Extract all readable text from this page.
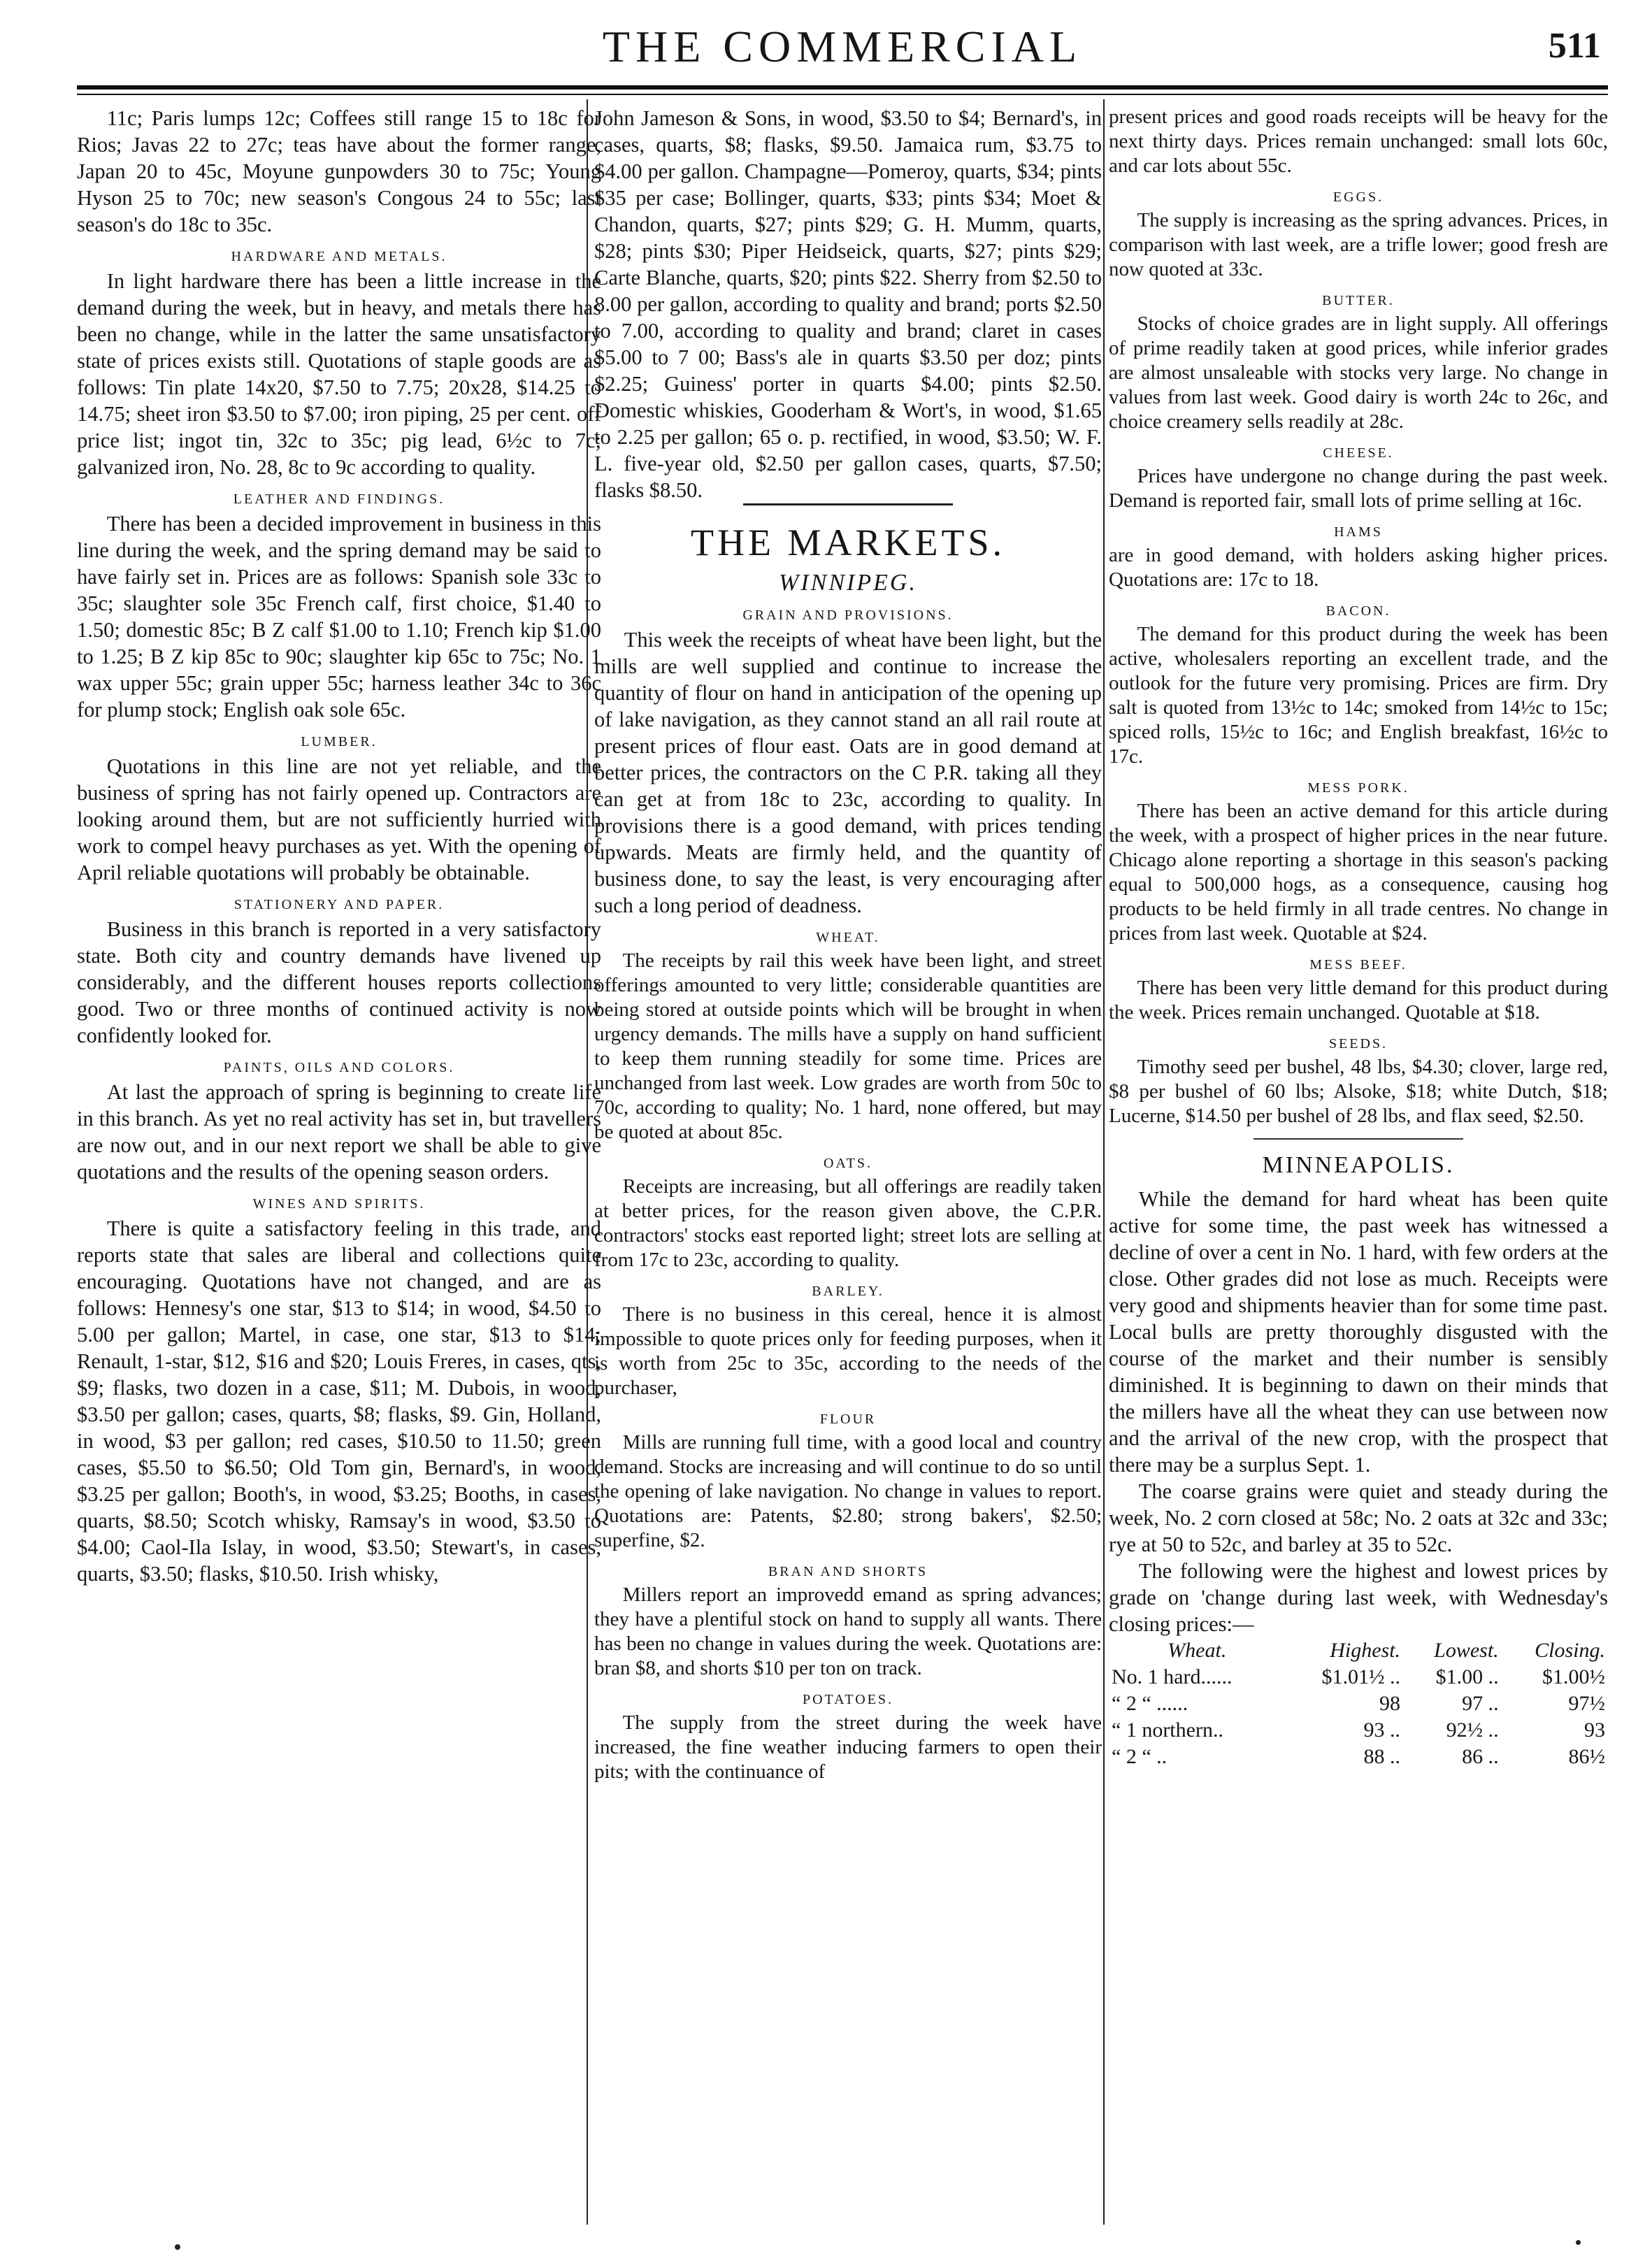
THE COMMERCIAL	511

11c; Paris lumps 12c; Coffees still range 15 to 18c for Rios; Javas 22 to 27c; teas have about the former range, Japan 20 to 45c, Moyune gunpowders 30 to 75c; Young Hyson 25 to 70c; new season's Congous 24 to 55c; last season's do 18c to 35c.

HARDWARE AND METALS.

In light hardware there has been a little increase in the demand during the week, but in heavy, and metals there has been no change, while in the latter the same unsatisfactory state of prices exists still. Quotations of staple goods are as follows: Tin plate 14x20, $7.50 to 7.75; 20x28, $14.25 to 14.75; sheet iron $3.50 to $7.00; iron piping, 25 per cent. off price list; ingot tin, 32c to 35c; pig lead, 6½c to 7c; galvanized iron, No. 28, 8c to 9c according to quality.

LEATHER AND FINDINGS.

There has been a decided improvement in business in this line during the week, and the spring demand may be said to have fairly set in. Prices are as follows: Spanish sole 33c to 35c; slaughter sole 35c French calf, first choice, $1.40 to 1.50; domestic 85c; B Z calf $1.00 to 1.10; French kip $1.00 to 1.25; B Z kip 85c to 90c; slaughter kip 65c to 75c; No. 1 wax upper 55c; grain upper 55c; harness leather 34c to 36c for plump stock; English oak sole 65c.

LUMBER.

Quotations in this line are not yet reliable, and the business of spring has not fairly opened up. Contractors are looking around them, but are not sufficiently hurried with work to compel heavy purchases as yet. With the opening of April reliable quotations will probably be obtainable.

STATIONERY AND PAPER.

Business in this branch is reported in a very satisfactory state. Both city and country demands have livened up considerably, and the different houses reports collections good. Two or three months of continued activity is now confidently looked for.

PAINTS, OILS AND COLORS.

At last the approach of spring is beginning to create life in this branch. As yet no real activity has set in, but travellers are now out, and in our next report we shall be able to give quotations and the results of the opening season orders.

WINES AND SPIRITS.

There is quite a satisfactory feeling in this trade, and reports state that sales are liberal and collections quite encouraging. Quotations have not changed, and are as follows: Hennesy's one star, $13 to $14; in wood, $4.50 to 5.00 per gallon; Martel, in case, one star, $13 to $14; Renault, 1-star, $12, $16 and $20; Louis Freres, in cases, qts, $9; flasks, two dozen in a case, $11; M. Dubois, in wood, $3.50 per gallon; cases, quarts, $8; flasks, $9. Gin, Holland, in wood, $3 per gallon; red cases, $10.50 to 11.50; green cases, $5.50 to $6.50; Old Tom gin, Bernard's, in wood, $3.25 per gallon; Booth's, in wood, $3.25; Booths, in cases, quarts, $8.50; Scotch whisky, Ramsay's in wood, $3.50 to $4.00; Caol-Ila Islay, in wood, $3.50; Stewart's, in cases, quarts, $3.50; flasks, $10.50. Irish whisky,

John Jameson & Sons, in wood, $3.50 to $4; Bernard's, in cases, quarts, $8; flasks, $9.50. Jamaica rum, $3.75 to $4.00 per gallon. Champagne—Pomeroy, quarts, $34; pints $35 per case; Bollinger, quarts, $33; pints $34; Moet & Chandon, quarts, $27; pints $29; G. H. Mumm, quarts, $28; pints $30; Piper Heidseick, quarts, $27; pints $29; Carte Blanche, quarts, $20; pints $22. Sherry from $2.50 to 8.00 per gallon, according to quality and brand; ports $2.50 to 7.00, according to quality and brand; claret in cases $5.00 to 7 00; Bass's ale in quarts $3.50 per doz; pints $2.25; Guiness' porter in quarts $4.00; pints $2.50. Domestic whiskies, Gooderham & Wort's, in wood, $1.65 to 2.25 per gallon; 65 o. p. rectified, in wood, $3.50; W. F. L. five-year old, $2.50 per gallon cases, quarts, $7.50; flasks $8.50.

THE MARKETS.
WINNIPEG.
GRAIN AND PROVISIONS.

This week the receipts of wheat have been light, but the mills are well supplied and continue to increase the quantity of flour on hand in anticipation of the opening up of lake navigation, as they cannot stand an all rail route at present prices of flour east. Oats are in good demand at better prices, the contractors on the C P.R. taking all they can get at from 18c to 23c, according to quality. In provisions there is a good demand, with prices tending upwards. Meats are firmly held, and the quantity of business done, to say the least, is very encouraging after such a long period of deadness.

WHEAT.

The receipts by rail this week have been light, and street offerings amounted to very little; considerable quantities are being stored at outside points which will be brought in when urgency demands. The mills have a supply on hand sufficient to keep them running steadily for some time. Prices are unchanged from last week. Low grades are worth from 50c to 70c, according to quality; No. 1 hard, none offered, but may be quoted at about 85c.

OATS.

Receipts are increasing, but all offerings are readily taken at better prices, for the reason given above, the C.P.R. contractors' stocks east reported light; street lots are selling at from 17c to 23c, according to quality.

BARLEY.

There is no business in this cereal, hence it is almost impossible to quote prices only for feeding purposes, when it is worth from 25c to 35c, according to the needs of the purchaser,

FLOUR

Mills are running full time, with a good local and country demand. Stocks are increasing and will continue to do so until the opening of lake navigation. No change in values to report. Quotations are: Patents, $2.80; strong bakers', $2.50; superfine, $2.

BRAN AND SHORTS

Millers report an improvedd emand as spring advances; they have a plentiful stock on hand to supply all wants. There has been no change in values during the week. Quotations are: bran $8, and shorts $10 per ton on track.

POTATOES.

The supply from the street during the week have increased, the fine weather inducing farmers to open their pits; with the continuance of

present prices and good roads receipts will be heavy for the next thirty days. Prices remain unchanged: small lots 60c, and car lots about 55c.

EGGS.

The supply is increasing as the spring advances. Prices, in comparison with last week, are a trifle lower; good fresh are now quoted at 33c.

BUTTER.

Stocks of choice grades are in light supply. All offerings of prime readily taken at good prices, while inferior grades are almost unsaleable with stocks very large. No change in values from last week. Good dairy is worth 24c to 26c, and choice creamery sells readily at 28c.

CHEESE.

Prices have undergone no change during the past week. Demand is reported fair, small lots of prime selling at 16c.

HAMS

are in good demand, with holders asking higher prices. Quotations are: 17c to 18.

BACON.

The demand for this product during the week has been active, wholesalers reporting an excellent trade, and the outlook for the future very promising. Prices are firm. Dry salt is quoted from 13½c to 14c; smoked from 14½c to 15c; spiced rolls, 15½c to 16c; and English breakfast, 16½c to 17c.

MESS PORK.

There has been an active demand for this article during the week, with a prospect of higher prices in the near future. Chicago alone reporting a shortage in this season's packing equal to 500,000 hogs, as a consequence, causing hog products to be held firmly in all trade centres. No change in prices from last week. Quotable at $24.

MESS BEEF.

There has been very little demand for this product during the week. Prices remain unchanged. Quotable at $18.

SEEDS.

Timothy seed per bushel, 48 lbs, $4.30; clover, large red, $8 per bushel of 60 lbs; Alsoke, $18; white Dutch, $18; Lucerne, $14.50 per bushel of 28 lbs, and flax seed, $2.50.

MINNEAPOLIS.

While the demand for hard wheat has been quite active for some time, the past week has witnessed a decline of over a cent in No. 1 hard, with few orders at the close. Other grades did not lose as much. Receipts were very good and shipments heavier than for some time past. Local bulls are pretty thoroughly disgusted with the course of the market and their number is sensibly diminished. It is beginning to dawn on their minds that the millers have all the wheat they can use between now and the arrival of the new crop, with the prospect that there may be a surplus Sept. 1.

The coarse grains were quiet and steady during the week, No. 2 corn closed at 58c; No. 2 oats at 32c and 33c; rye at 50 to 52c, and barley at 35 to 52c.

The following were the highest and lowest prices by grade on 'change during last week, with Wednesday's closing prices:—

Wheat.	Highest.	Lowest.	Closing.
No. 1 hard......	$1.01½ ..	$1.00 ..	$1.00½
“ 2 “ ......	98	97 ..	97½
“ 1 northern..	93 ..	92½ ..	93
“ 2 “ ..	88 ..	86 ..	86½
